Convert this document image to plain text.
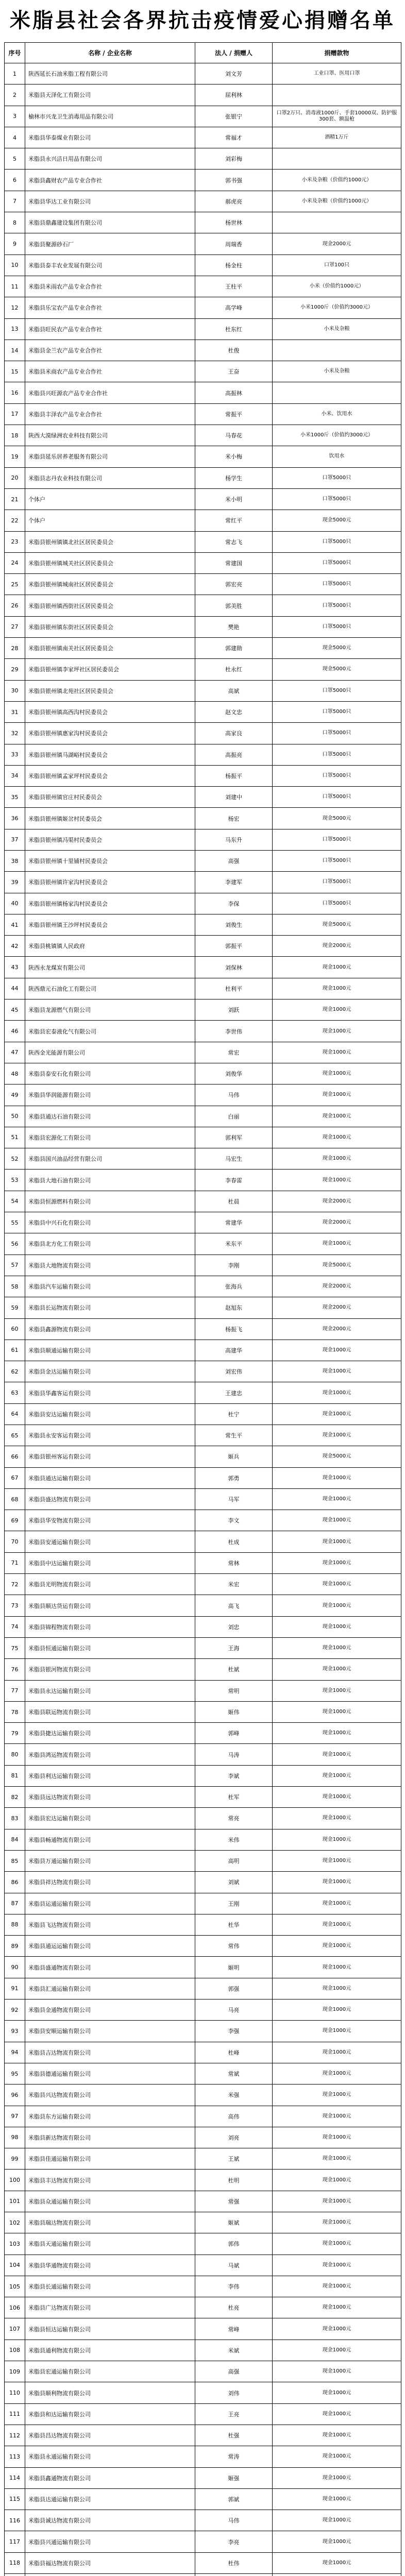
米脂县社会各界抗击疫情爱心捐赠名单
序号	名称 / 企业名称	法人 / 捐赠人	捐赠款物
1	陕西延长石油米脂工程有限公司	刘文芳	工业口罩、医用口罩
2	米脂县天泽化工有限公司	屈利林	
3	榆林市兴龙卫生消毒用品有限公司	张银宁	口罩2万只、消毒液1000斤、手套10000双、防护服300套、额温枪
4	米脂县华泰煤业有限公司	常福才	酒精1万斤
5	米脂县永兴洁日用品有限公司	刘彩梅	
6	米脂县鑫财农产品专业合作社	郭书强	小米及杂粮（价值约1000元）
7	米脂县华达工业有限公司	郝虎亮	小米及杂粮（价值约1000元）
8	米脂县鼎鑫建设集团有限公司	杨世林	
9	米脂县聚源砂石厂	周瑞香	现金2000元
10	米脂县泰丰农业发展有限公司	杨金柱	口罩100只
11	米脂县米雨农产品专业合作社	王柱平	小米（价值约1000元）
12	米脂县乐宝农产品专业合作社	高学峰	小米1000斤（价值约3000元）
13	米脂县旺民农产品专业合作社	杜东红	小米及杂粮
14	米脂县金兰农产品专业合作社	杜俊	
15	米脂县米商农产品专业合作社	王奋	小米及杂粮
16	米脂县兴旺源农产品专业合作社	高振林	
17	米脂县丰泽农产品专业合作社	常振平	小米、饮用水
18	陕西大漠绿洲农业科技有限公司	马春花	小米1000斤（价值约3000元）
19	米脂县延乐居养老服务有限公司	米小梅	饮用水
20	米脂县志丹农业科技有限公司	杨学生	口罩5000只
21	个体户	米小明	口罩5000只
22	个体户	常红平	现金5000元
23	米脂县银州镇镇北社区居民委员会	常志飞	口罩5000只
24	米脂县银州镇城关社区居民委员会	常建国	口罩5000只
25	米脂县银州镇城南社区居民委员会	郭宏亮	口罩5000只
26	米脂县银州镇西街社区居民委员会	郭美胜	口罩5000只
27	米脂县银州镇东街社区居民委员会	樊艳	口罩5000只
28	米脂县银州镇南关社区居民委员会	郭建勋	现金5000元
29	米脂县银州镇李家坪社区居民委员会	杜永红	现金5000元
30	米脂县银州镇北苑社区居民委员会	高斌	口罩5000只
31	米脂县银州镇高西沟村民委员会	赵文忠	口罩5000只
32	米脂县银州镇惠家沟村民委员会	高家良	口罩5000只
33	米脂县银州镇马湖峪村民委员会	高振亮	口罩5000只
34	米脂县银州镇孟家坪村民委员会	杨振平	口罩5000只
35	米脂县银州镇官庄村民委员会	刘建中	口罩5000只
36	米脂县银州镇姬岔村民委员会	杨宏	现金5000元
37	米脂县银州镇冯渠村民委员会	马东升	口罩5000只
38	米脂县银州镇十里铺村民委员会	高强	口罩5000只
39	米脂县银州镇许家沟村民委员会	李建军	口罩5000只
40	米脂县银州镇杨家沟村民委员会	李保	口罩5000只
41	米脂县银州镇王沙坪村民委员会	刘俊生	现金5000元
42	米脂县桃镇镇人民政府	郭振平	现金2000元
43	陕西永龙煤炭有限公司	刘保林	现金1000元
44	陕西鼎元石油化工有限公司	杜利平	现金1000元
45	米脂县龙源燃气有限公司	刘跃	现金1000元
46	米脂县宏泰液化气有限公司	李世伟	现金1000元
47	陕西金光能源有限公司	常宏	现金1000元
48	米脂县泰安石化有限公司	刘俊华	现金1000元
49	米脂县华润能源有限公司	马伟	现金1000元
50	米脂县通达石油有限公司	白丽	现金1000元
51	米脂县宏源化工有限公司	郭利军	现金1000元
52	米脂县国兴油品经营有限公司	马宏生	现金1000元
53	米脂县大地石油有限公司	李春雷	现金1000元
54	米脂县恒源燃料有限公司	杜晨	现金2000元
55	米脂县中兴石化有限公司	常建华	现金2000元
56	米脂县北方化工有限公司	米东平	现金1000元
57	米脂县大地物流有限公司	李刚	现金5000元
58	米脂县汽车运输有限公司	张海兵	现金2000元
59	米脂县长运物流有限公司	赵旭东	现金2000元
60	米脂县鑫源物流有限公司	杨振飞	现金2000元
61	米脂县顺通运输有限公司	高建华	现金1000元
62	米脂县金达运输有限公司	刘宏伟	现金1000元
63	米脂县华鑫客运有限公司	王建忠	现金1000元
64	米脂县安达运输有限公司	杜宁	现金1000元
65	米脂县永安客运有限公司	常生平	现金1000元
66	米脂县银州客运有限公司	姬兵	现金5000元
67	米脂县通达运输有限公司	郭勇	现金1000元
68	米脂县盛达物流有限公司	马军	现金1000元
69	米脂县华安物流有限公司	李文	现金1000元
70	米脂县安通运输有限公司	杜成	现金1000元
71	米脂县中达运输有限公司	常林	现金1000元
72	米脂县光明物流有限公司	米宏	现金1000元
73	米脂县顺达货运有限公司	高飞	现金1000元
74	米脂县锦程物流有限公司	刘忠	现金1000元
75	米脂县恒通运输有限公司	王海	现金1000元
76	米脂县银河物流有限公司	杜斌	现金1000元
77	米脂县永达运输有限公司	常明	现金1000元
78	米脂县联运物流有限公司	姬伟	现金1000元
79	米脂县捷达运输有限公司	郭峰	现金1000元
80	米脂县鸿运物流有限公司	马涛	现金1000元
81	米脂县利达运输有限公司	李斌	现金1000元
82	米脂县远达物流有限公司	杜军	现金1000元
83	米脂县宏达运输有限公司	常亮	现金1000元
84	米脂县畅通物流有限公司	米伟	现金1000元
85	米脂县万通运输有限公司	高明	现金1000元
86	米脂县祥达物流有限公司	刘斌	现金1000元
87	米脂县运通运输有限公司	王刚	现金1000元
88	米脂县飞达物流有限公司	杜华	现金1000元
89	米脂县通运运输有限公司	常伟	现金1000元
90	米脂县盛通物流有限公司	姬明	现金1000元
91	米脂县汇通运输有限公司	郭强	现金1000元
92	米脂县金通物流有限公司	马亮	现金1000元
93	米脂县安顺运输有限公司	李强	现金1000元
94	米脂县吉达物流有限公司	杜峰	现金1000元
95	米脂县德通运输有限公司	常斌	现金1000元
96	米脂县兴达物流有限公司	米强	现金1000元
97	米脂县东方运输有限公司	高伟	现金1000元
98	米脂县新达物流有限公司	刘亮	现金1000元
99	米脂县佳通运输有限公司	王斌	现金1000元
100	米脂县丰达物流有限公司	杜明	现金1000元
101	米脂县众通运输有限公司	常强	现金1000元
102	米脂县瑞达物流有限公司	姬斌	现金1000元
103	米脂县天通运输有限公司	郭伟	现金1000元
104	米脂县华通物流有限公司	马斌	现金1000元
105	米脂县长通运输有限公司	李伟	现金1000元
106	米脂县广达物流有限公司	杜亮	现金1000元
107	米脂县恒达运输有限公司	常峰	现金1000元
108	米脂县通利物流有限公司	米斌	现金1000元
109	米脂县宏通运输有限公司	高强	现金1000元
110	米脂县顺利物流有限公司	刘伟	现金1000元
111	米脂县和达运输有限公司	王亮	现金1000元
112	米脂县昌达物流有限公司	杜强	现金1000元
113	米脂县永通运输有限公司	常涛	现金1000元
114	米脂县鑫通物流有限公司	姬强	现金1000元
115	米脂县达通运输有限公司	郭斌	现金1000元
116	米脂县诚达物流有限公司	马伟	现金1000元
117	米脂县兴通运输有限公司	李亮	现金1000元
118	米脂县福达物流有限公司	杜伟	现金1000元
